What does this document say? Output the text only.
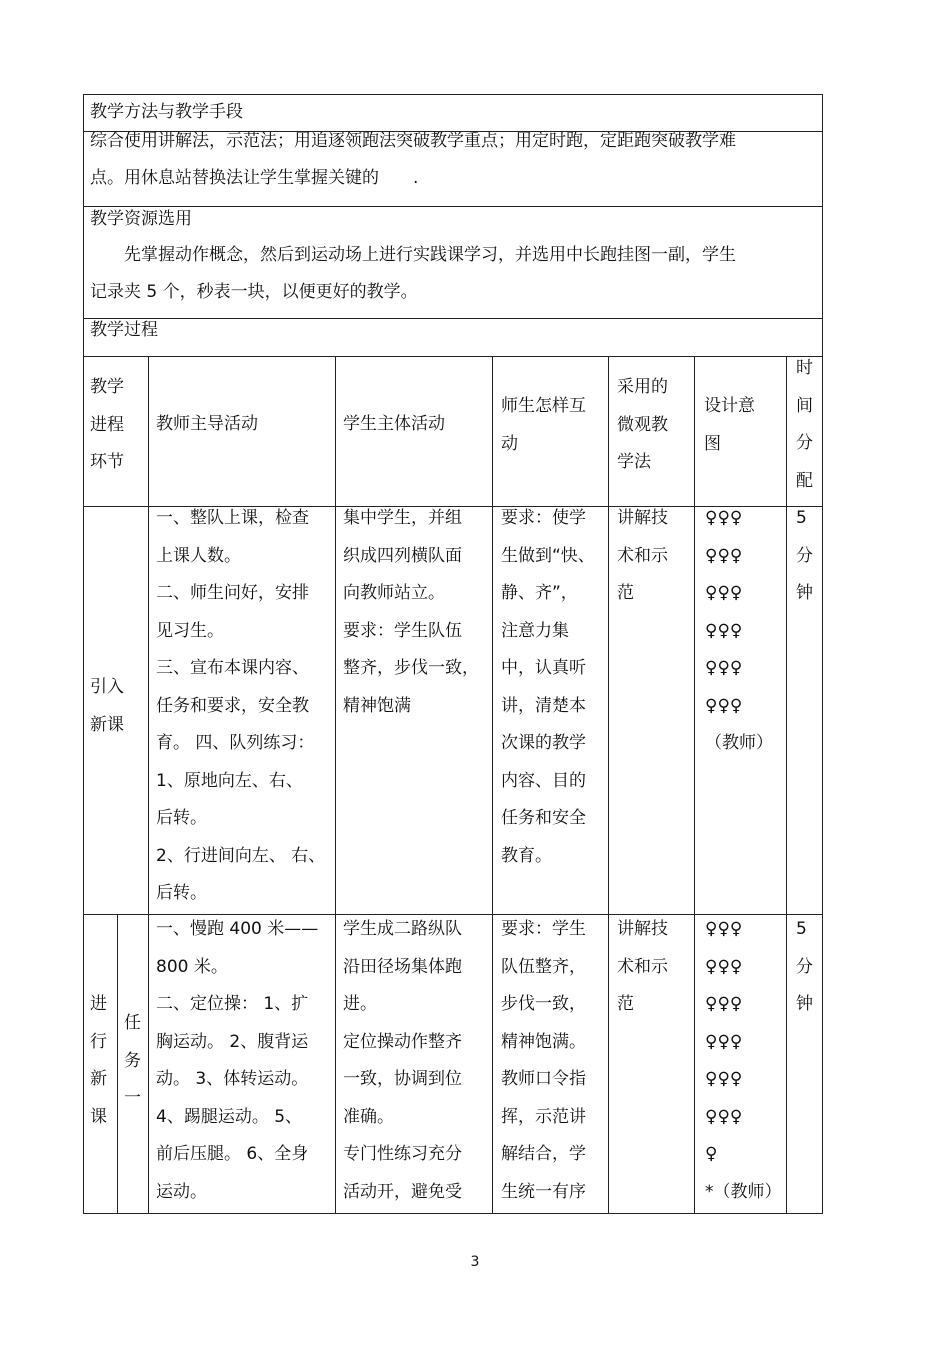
教学方法与教学手段
综合使用讲解法，示范法；用追逐领跑法突破教学重点；用定时跑，定距跑突破教学难
点。用休息站替换法让学生掌握关键的　　.
教学资源选用
　　先掌握动作概念，然后到运动场上进行实践课学习，并选用中长跑挂图一副，学生
记录夹 5 个，秒表一块，以便更好的教学。
教学过程
教学
进程
环节
教师主导活动	学生主体活动
师生怎样互
动
采用的
微观教
学法
设计意
图
时
间
分
配
引入
新课
一、整队上课，检查
上课人数。
二、师生问好，安排
见习生。
三、宣布本课内容、
任务和要求，安全教
育。 四、队列练习：
1、原地向左、右、
后转。
2、行进间向左、 右、
后转。
集中学生，并组
织成四列横队面
向教师站立。
要求：学生队伍
整齐，步伐一致，
精神饱满
要求：使学
生做到“快、
静、齐”，
注意力集
中，认真听
讲，清楚本
次课的教学
内容、目的
任务和安全
教育。
讲解技
术和示
范
♀♀♀
♀♀♀
♀♀♀
♀♀♀
♀♀♀
♀♀♀
（教师）
5
分
钟
进
行
新
课
任
务
一
一、慢跑 400 米——
800 米。
二、定位操： 1、扩
胸运动。 2、腹背运
动。 3、体转运动。
4、踢腿运动。 5、
前后压腿。 6、全身
运动。
学生成二路纵队
沿田径场集体跑
进。
定位操动作整齐
一致，协调到位
准确。
专门性练习充分
活动开，避免受
要求：学生
队伍整齐，
步伐一致，
精神饱满。
教师口令指
挥，示范讲
解结合，学
生统一有序
讲解技
术和示
范
♀♀♀
♀♀♀
♀♀♀
♀♀♀
♀♀♀
♀♀♀
♀
*（教师）
5
分
钟
3
